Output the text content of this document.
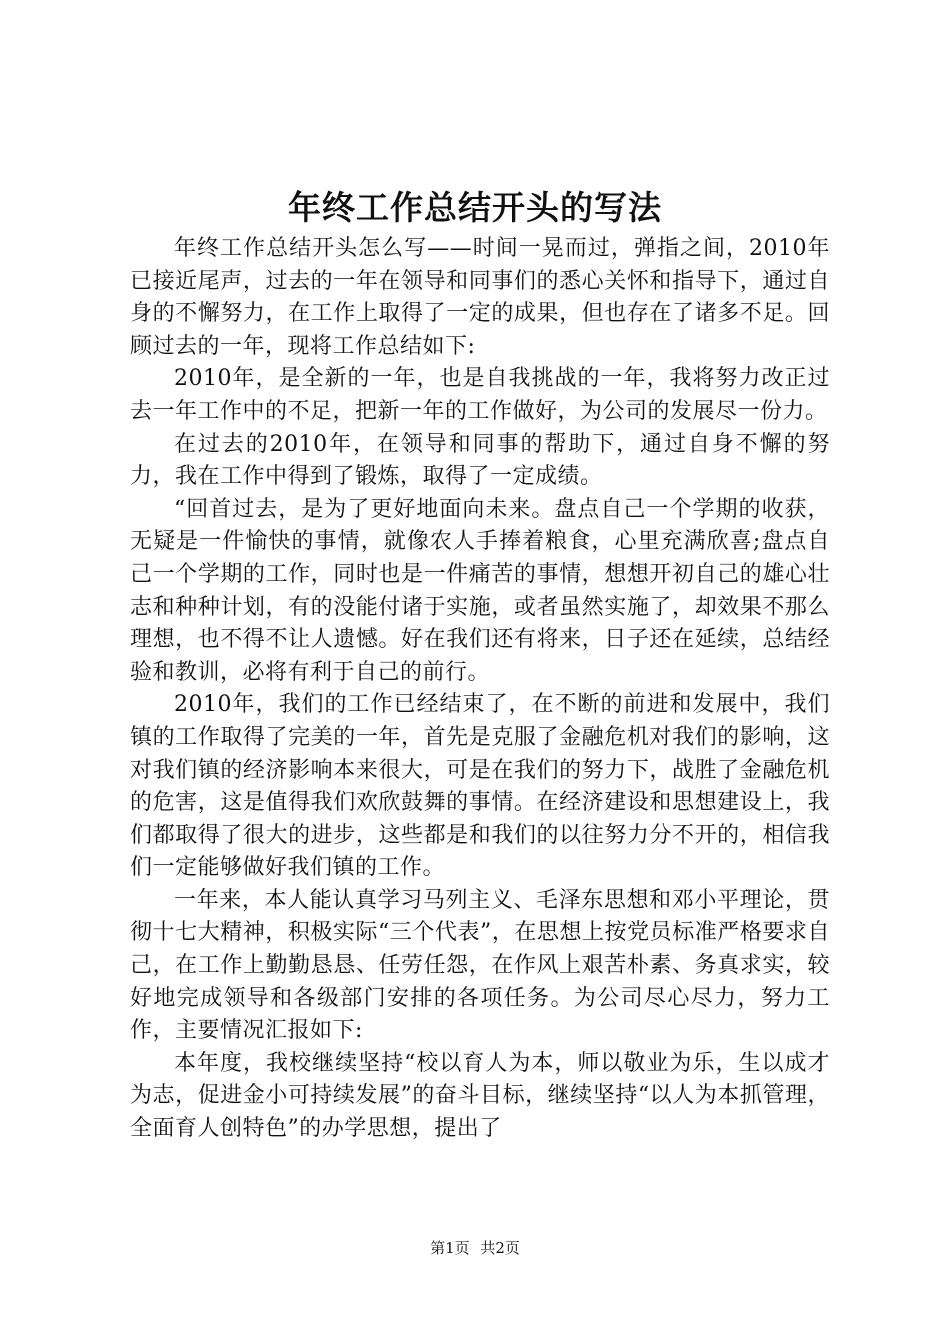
年终工作总结开头的写法

年终工作总结开头怎么写——时间一晃而过，弹指之间，2010年已接近尾声，过去的一年在领导和同事们的悉心关怀和指导下，通过自身的不懈努力，在工作上取得了一定的成果，但也存在了诸多不足。回顾过去的一年，现将工作总结如下:

2010年，是全新的一年，也是自我挑战的一年，我将努力改正过去一年工作中的不足，把新一年的工作做好，为公司的发展尽一份力。

在过去的2010年，在领导和同事的帮助下，通过自身不懈的努力，我在工作中得到了锻炼，取得了一定成绩。

“回首过去，是为了更好地面向未来。盘点自己一个学期的收获，无疑是一件愉快的事情，就像农人手捧着粮食，心里充满欣喜;盘点自己一个学期的工作，同时也是一件痛苦的事情，想想开初自己的雄心壮志和种种计划，有的没能付诸于实施，或者虽然实施了，却效果不那么理想，也不得不让人遗憾。好在我们还有将来，日子还在延续，总结经验和教训，必将有利于自己的前行。

2010年，我们的工作已经结束了，在不断的前进和发展中，我们镇的工作取得了完美的一年，首先是克服了金融危机对我们的影响，这对我们镇的经济影响本来很大，可是在我们的努力下，战胜了金融危机的危害，这是值得我们欢欣鼓舞的事情。在经济建设和思想建设上，我们都取得了很大的进步，这些都是和我们的以往努力分不开的，相信我们一定能够做好我们镇的工作。

一年来，本人能认真学习马列主义、毛泽东思想和邓小平理论，贯彻十七大精神，积极实际“三个代表”，在思想上按党员标准严格要求自己，在工作上勤勤恳恳、任劳任怨，在作风上艰苦朴素、务真求实，较好地完成领导和各级部门安排的各项任务。为公司尽心尽力，努力工作，主要情况汇报如下:

本年度，我校继续坚持“校以育人为本，师以敬业为乐，生以成才为志，促进金小可持续发展”的奋斗目标，继续坚持“以人为本抓管理，全面育人创特色”的办学思想，提出了

第1页 共2页
